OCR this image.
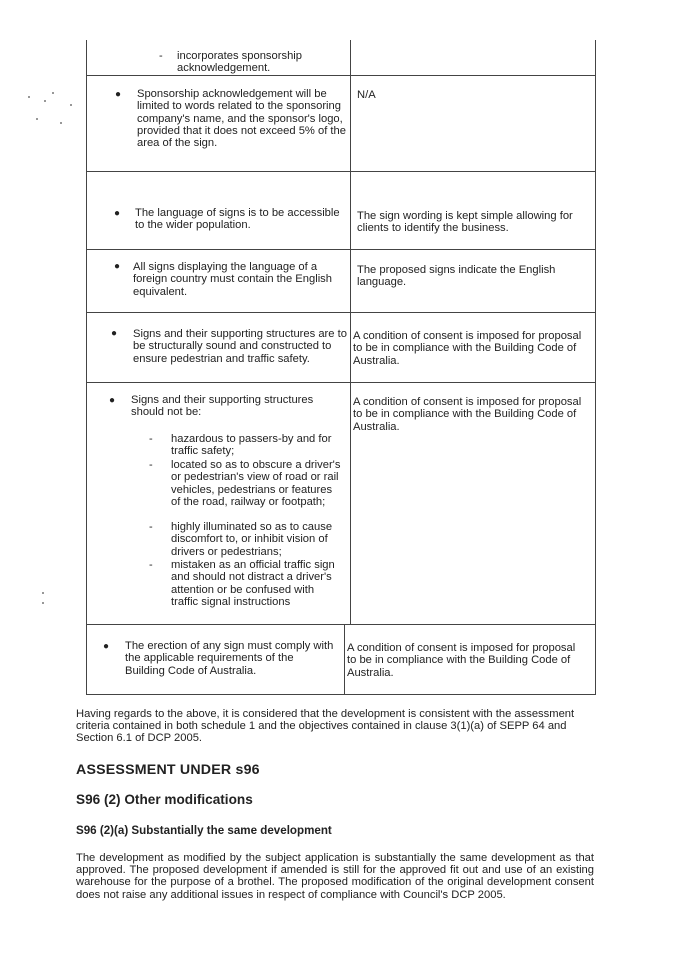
- incorporates sponsorship acknowledgement.
● Sponsorship acknowledgement will be limited to words related to the sponsoring company's name, and the sponsor's logo, provided that it does not exceed 5% of the area of the sign.
N/A
● The language of signs is to be accessible to the wider population.
The sign wording is kept simple allowing for clients to identify the business.
● All signs displaying the language of a foreign country must contain the English equivalent.
The proposed signs indicate the English language.
● Signs and their supporting structures are to be structurally sound and constructed to ensure pedestrian and traffic safety.
A condition of consent is imposed for proposal to be in compliance with the Building Code of Australia.
● Signs and their supporting structures should not be:
- hazardous to passers-by and for traffic safety;
- located so as to obscure a driver's or pedestrian's view of road or rail vehicles, pedestrians or features of the road, railway or footpath;
- highly illuminated so as to cause discomfort to, or inhibit vision of drivers or pedestrians;
- mistaken as an official traffic sign and should not distract a driver's attention or be confused with traffic signal instructions
A condition of consent is imposed for proposal to be in compliance with the Building Code of Australia.
● The erection of any sign must comply with the applicable requirements of the Building Code of Australia.
A condition of consent is imposed for proposal to be in compliance with the Building Code of Australia.
Having regards to the above, it is considered that the development is consistent with the assessment criteria contained in both schedule 1 and the objectives contained in clause 3(1)(a) of SEPP 64 and Section 6.1 of DCP 2005.
ASSESSMENT UNDER s96
S96 (2) Other modifications
S96 (2)(a) Substantially the same development
The development as modified by the subject application is substantially the same development as that approved. The proposed development if amended is still for the approved fit out and use of an existing warehouse for the purpose of a brothel. The proposed modification of the original development consent does not raise any additional issues in respect of compliance with Council's DCP 2005.
